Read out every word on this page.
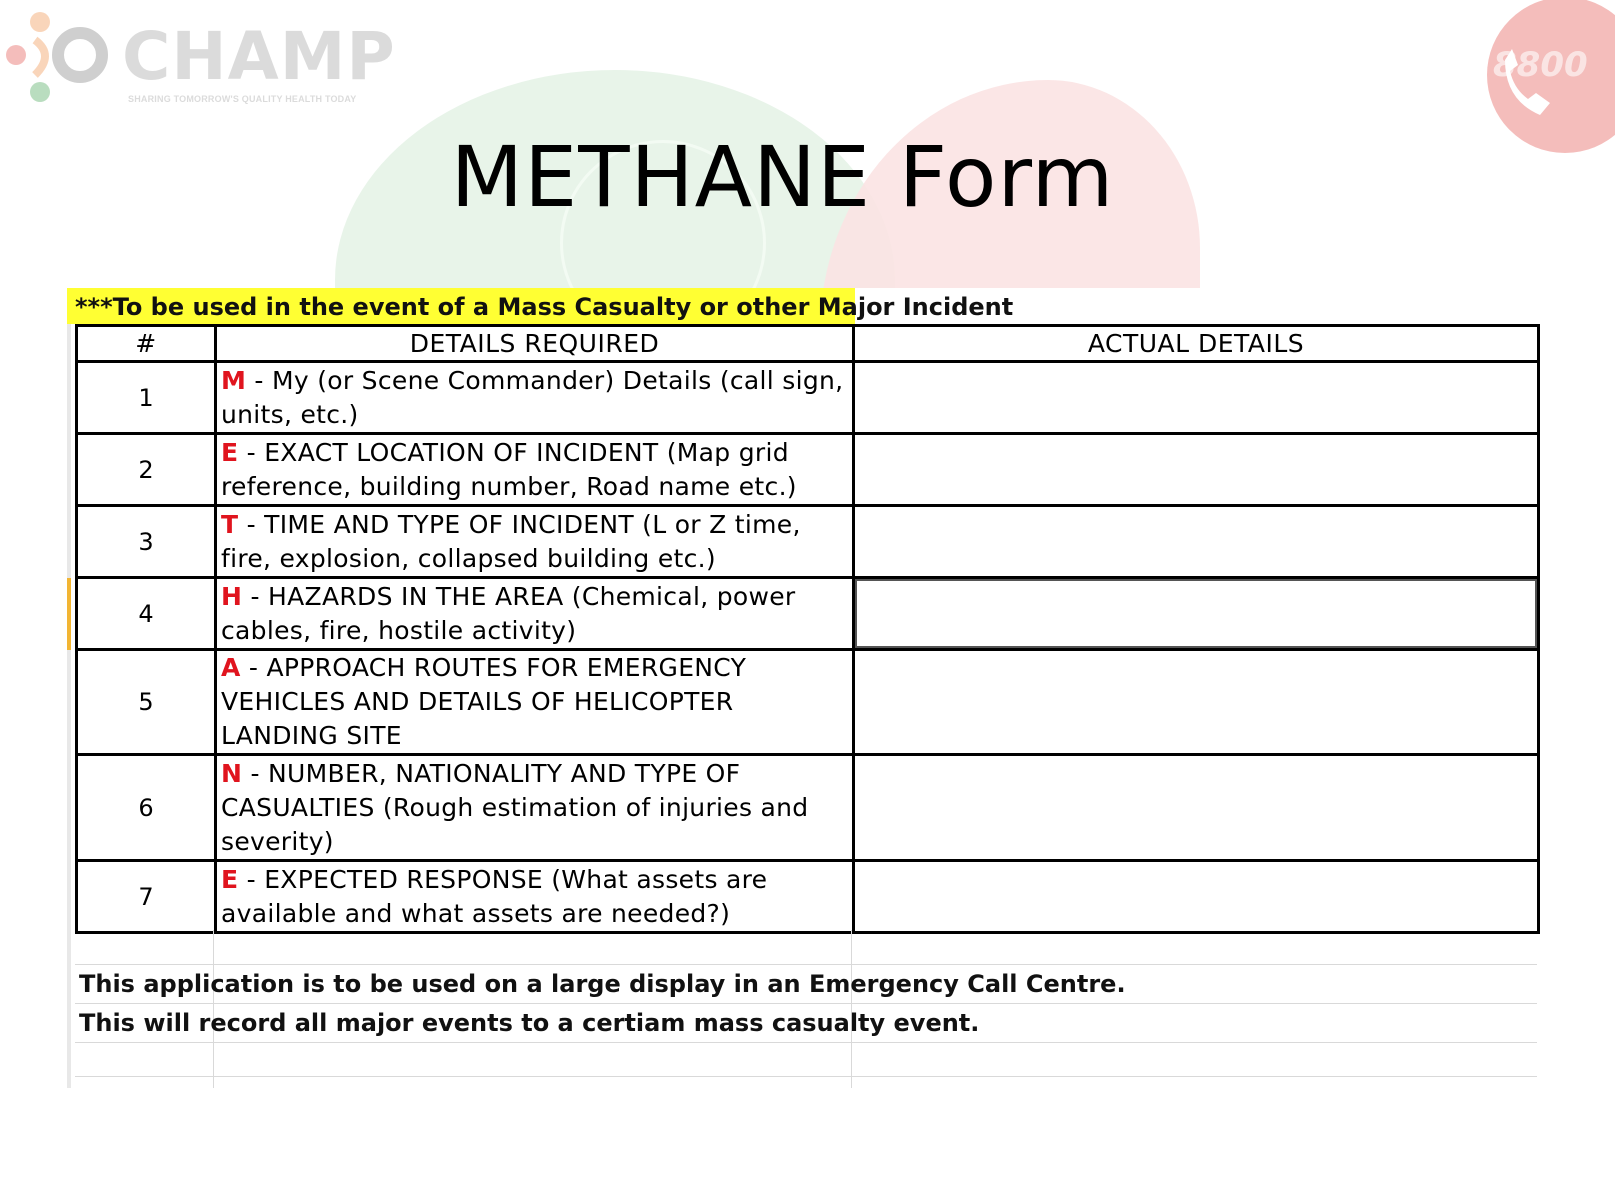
CHAMP
SHARING TOMORROW'S QUALITY HEALTH TODAY
8800
METHANE Form
***To be used in the event of a Mass Casualty or other Major Incident
#	DETAILS REQUIRED	ACTUAL DETAILS
1	M - My (or Scene Commander) Details (call sign, units, etc.)	
2	E - EXACT LOCATION OF INCIDENT (Map grid reference, building number, Road name etc.)	
3	T - TIME AND TYPE OF INCIDENT (L or Z time, fire, explosion, collapsed building etc.)	
4	H - HAZARDS IN THE AREA (Chemical, power cables, fire, hostile activity)	
5	A - APPROACH ROUTES FOR EMERGENCY VEHICLES AND DETAILS OF HELICOPTER LANDING SITE	
6	N - NUMBER, NATIONALITY AND TYPE OF CASUALTIES (Rough estimation of injuries and severity)	
7	E - EXPECTED RESPONSE (What assets are available and what assets are needed?)	
This application is to be used on a large display in an Emergency Call Centre.
This will record all major events to a certiam mass casualty event.
